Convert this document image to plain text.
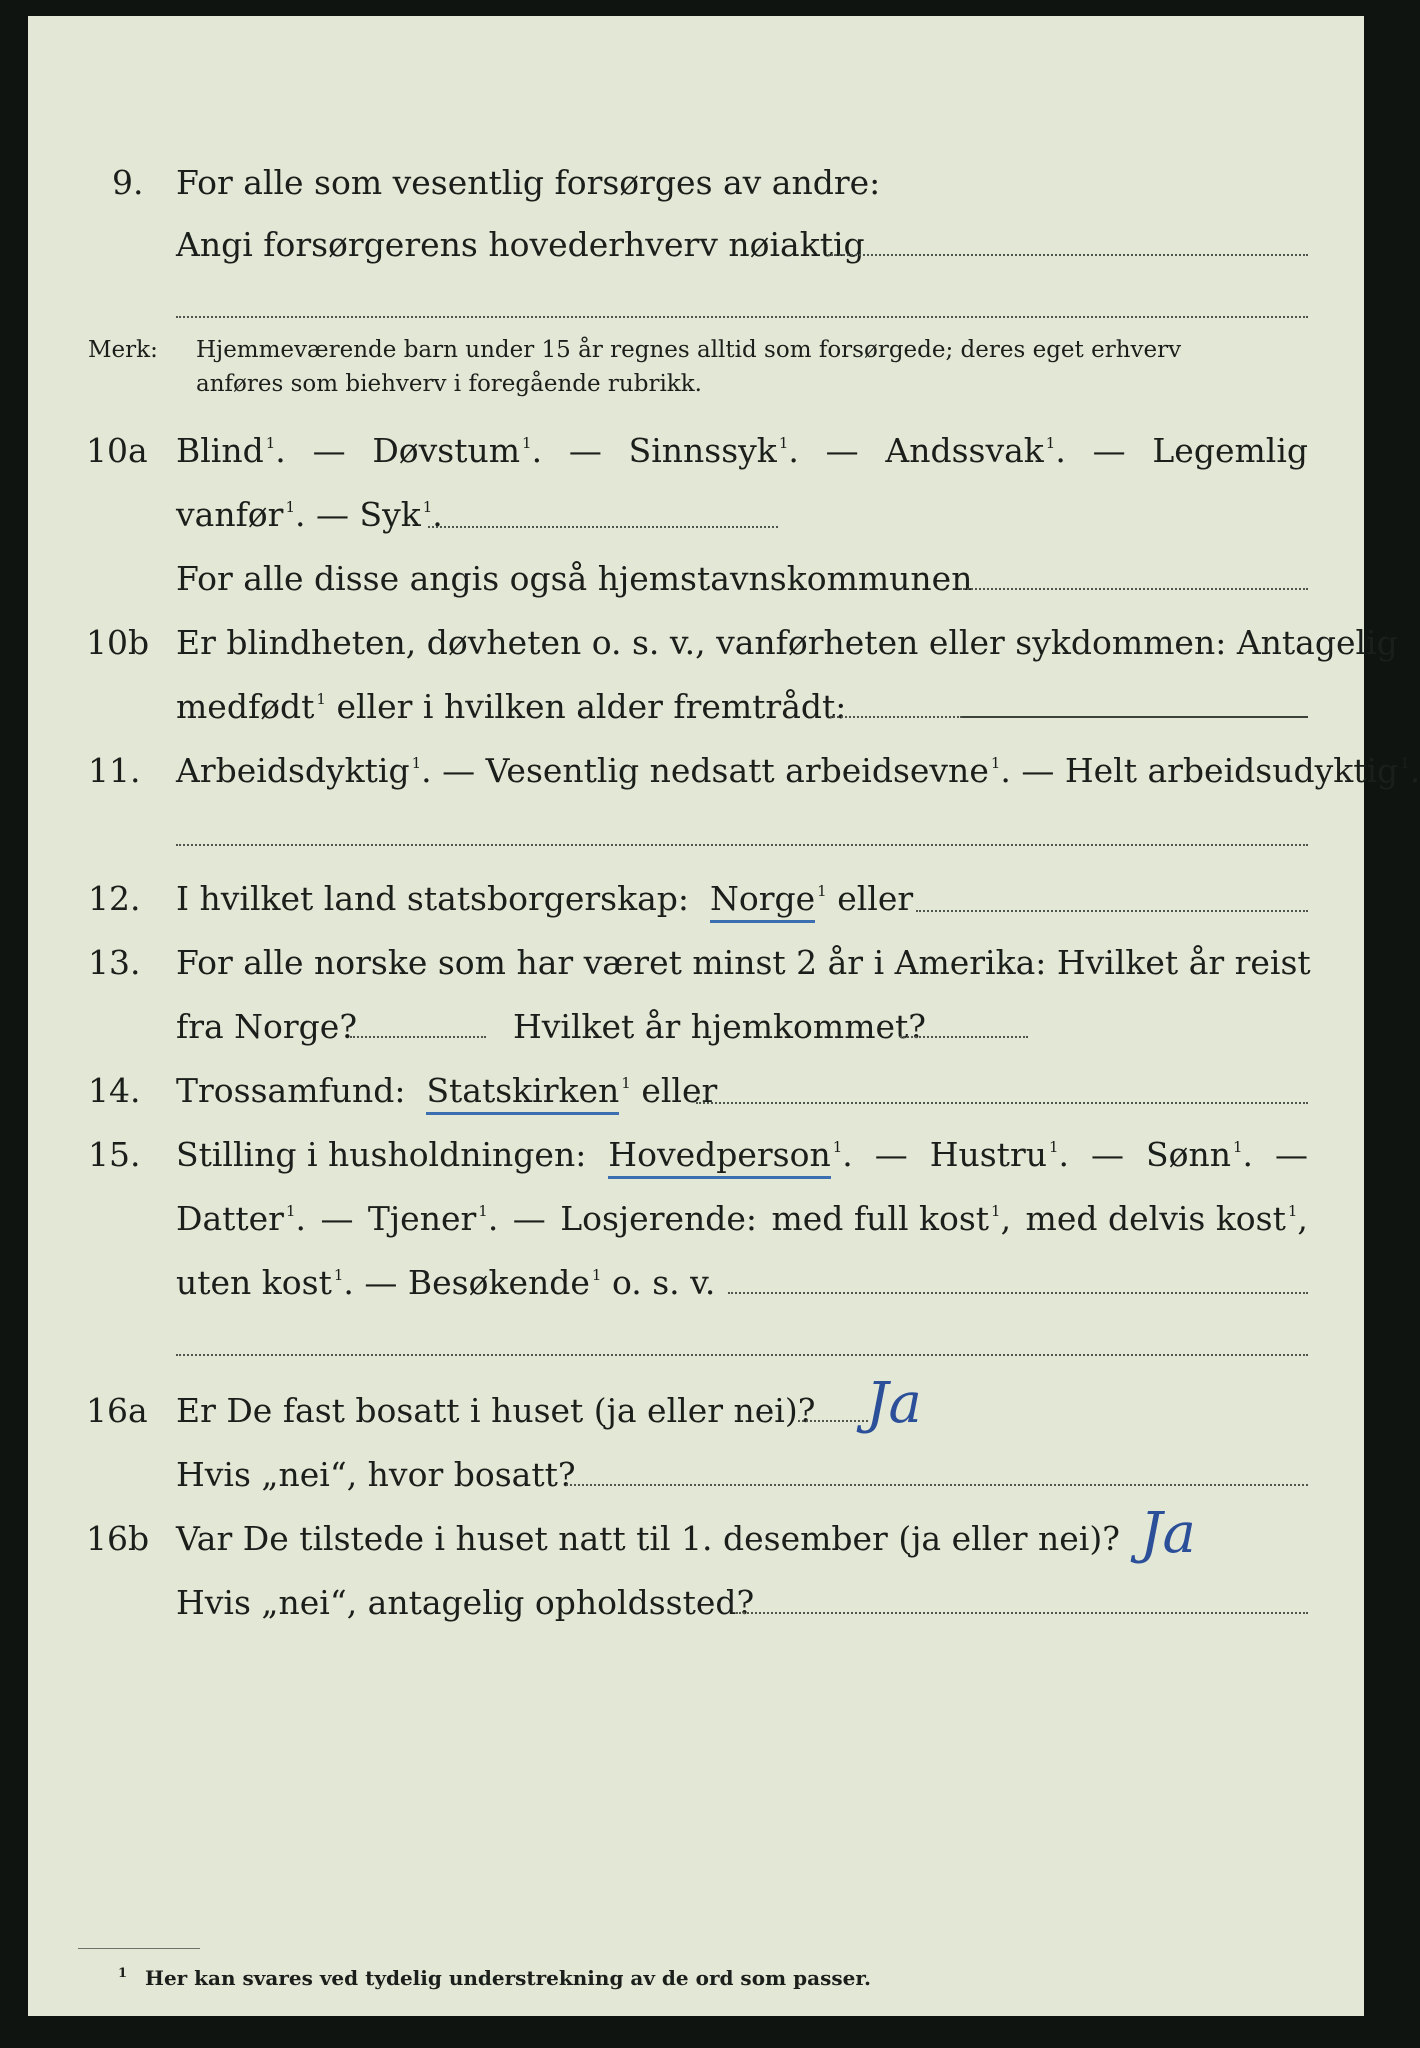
9. For alle som vesentlig forsørges av andre:
Angi forsørgerens hovederhverv nøiaktig
Merk: Hjemmeværende barn under 15 år regnes alltid som forsørgede; deres eget erhverv
anføres som biehverv i foregående rubrikk.
10a Blind $^1$. — Døvstum $^1$. — Sinnssyk $^1$. — Andssvak $^1$. — Legemlig
vanfør $^1$. — Syk $^1$.
For alle disse angis også hjemstavnskommunen
10b Er blindheten, døvheten o. s. v., vanførheten eller sykdommen: Antagelig
medfødt $^1$ eller i hvilken alder fremtrådt:
11. Arbeidsdyktig $^1$. — Vesentlig nedsatt arbeidsevne $^1$. — Helt arbeidsudyktig $^1$.
12. I hvilket land statsborgerskap: Norge $^1$ eller
13. For alle norske som har været minst 2 år i Amerika: Hvilket år reist
fra Norge?	Hvilket år hjemkommet?
14. Trossamfund: Statskirken $^1$ eller
15. Stilling i husholdningen: Hovedperson $^1$. — Hustru $^1$. — Sønn $^1$. —
Datter $^1$. — Tjener $^1$. — Losjerende: med full kost $^1$, med delvis kost $^1$,
uten kost $^1$. — Besøkende $^1$ o. s. v.
16a Er De fast bosatt i huset (ja eller nei)? Ja
Hvis „nei“, hvor bosatt?
16b Var De tilstede i huset natt til 1. desember (ja eller nei)? Ja
Hvis „nei“, antagelig opholdssted?
$^1$ Her kan svares ved tydelig understrekning av de ord som passer.
